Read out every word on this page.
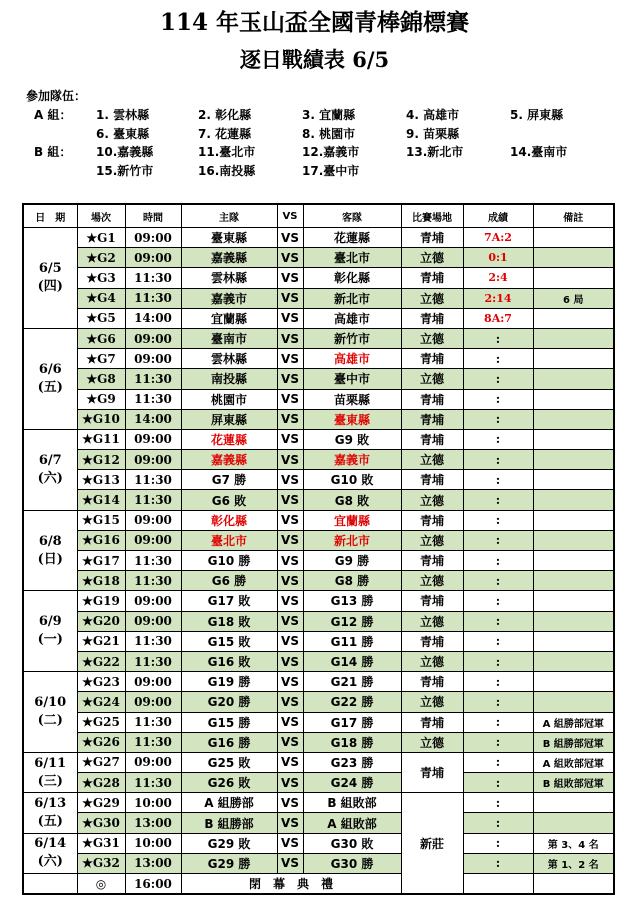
114 年玉山盃全國青棒錦標賽
逐日戰績表 6/5
參加隊伍：
A 組： 1. 雲林縣	2. 彰化縣	3. 宜蘭縣	4. 高雄市	5. 屏東縣
6. 臺東縣	7. 花蓮縣	8. 桃園市	9. 苗栗縣
B 組： 10.嘉義縣	11.臺北市	12.嘉義市	13.新北市	14.臺南市
15.新竹市	16.南投縣	17.臺中市
日　期	場次	時間	主隊	VS	客隊	比賽場地	成績	備註

6/5
(四)	★G1	09:00	臺東縣	VS	花蓮縣	青埔	7A:2	
	★G2	09:00	嘉義縣	VS	臺北市	立德	0:1	
	★G3	11:30	雲林縣	VS	彰化縣	青埔	2:4	
	★G4	11:30	嘉義市	VS	新北市	立德	2:14	6 局
	★G5	14:00	宜蘭縣	VS	高雄市	青埔	8A:7	

6/6
(五)	★G6	09:00	臺南市	VS	新竹市	立德	:	
	★G7	09:00	雲林縣	VS	高雄市	青埔	:	
	★G8	11:30	南投縣	VS	臺中市	立德	:	
	★G9	11:30	桃園市	VS	苗栗縣	青埔	:	
	★G10	14:00	屏東縣	VS	臺東縣	青埔	:	

6/7
(六)	★G11	09:00	花蓮縣	VS	G9 敗	青埔	:	
	★G12	09:00	嘉義縣	VS	嘉義市	立德	:	
	★G13	11:30	G7 勝	VS	G10 敗	青埔	:	
	★G14	11:30	G6 敗	VS	G8 敗	立德	:	

6/8
(日)	★G15	09:00	彰化縣	VS	宜蘭縣	青埔	:	
	★G16	09:00	臺北市	VS	新北市	立德	:	
	★G17	11:30	G10 勝	VS	G9 勝	青埔	:	
	★G18	11:30	G6 勝	VS	G8 勝	立德	:	

6/9
(一)	★G19	09:00	G17 敗	VS	G13 勝	青埔	:	
	★G20	09:00	G18 敗	VS	G12 勝	立德	:	
	★G21	11:30	G15 敗	VS	G11 勝	青埔	:	
	★G22	11:30	G16 敗	VS	G14 勝	立德	:	

6/10
(二)	★G23	09:00	G19 勝	VS	G21 勝	青埔	:	
	★G24	09:00	G20 勝	VS	G22 勝	立德	:	
	★G25	11:30	G15 勝	VS	G17 勝	青埔	:	A 組勝部冠軍
	★G26	11:30	G16 勝	VS	G18 勝	立德	:	B 組勝部冠軍

6/11
(三)	★G27	09:00	G25 敗	VS	G23 勝	青埔	:	A 組敗部冠軍
	★G28	11:30	G26 敗	VS	G24 勝		:	B 組敗部冠軍

6/13
(五)	★G29	10:00	A 組勝部	VS	B 組敗部	新莊	:	
	★G30	13:00	B 組勝部	VS	A 組敗部		:	

6/14
(六)	★G31	10:00	G29 敗	VS	G30 敗		:	第 3、4 名
	★G32	13:00	G29 勝	VS	G30 勝		:	第 1、2 名
	◎	16:00	閉　幕　典　禮					
